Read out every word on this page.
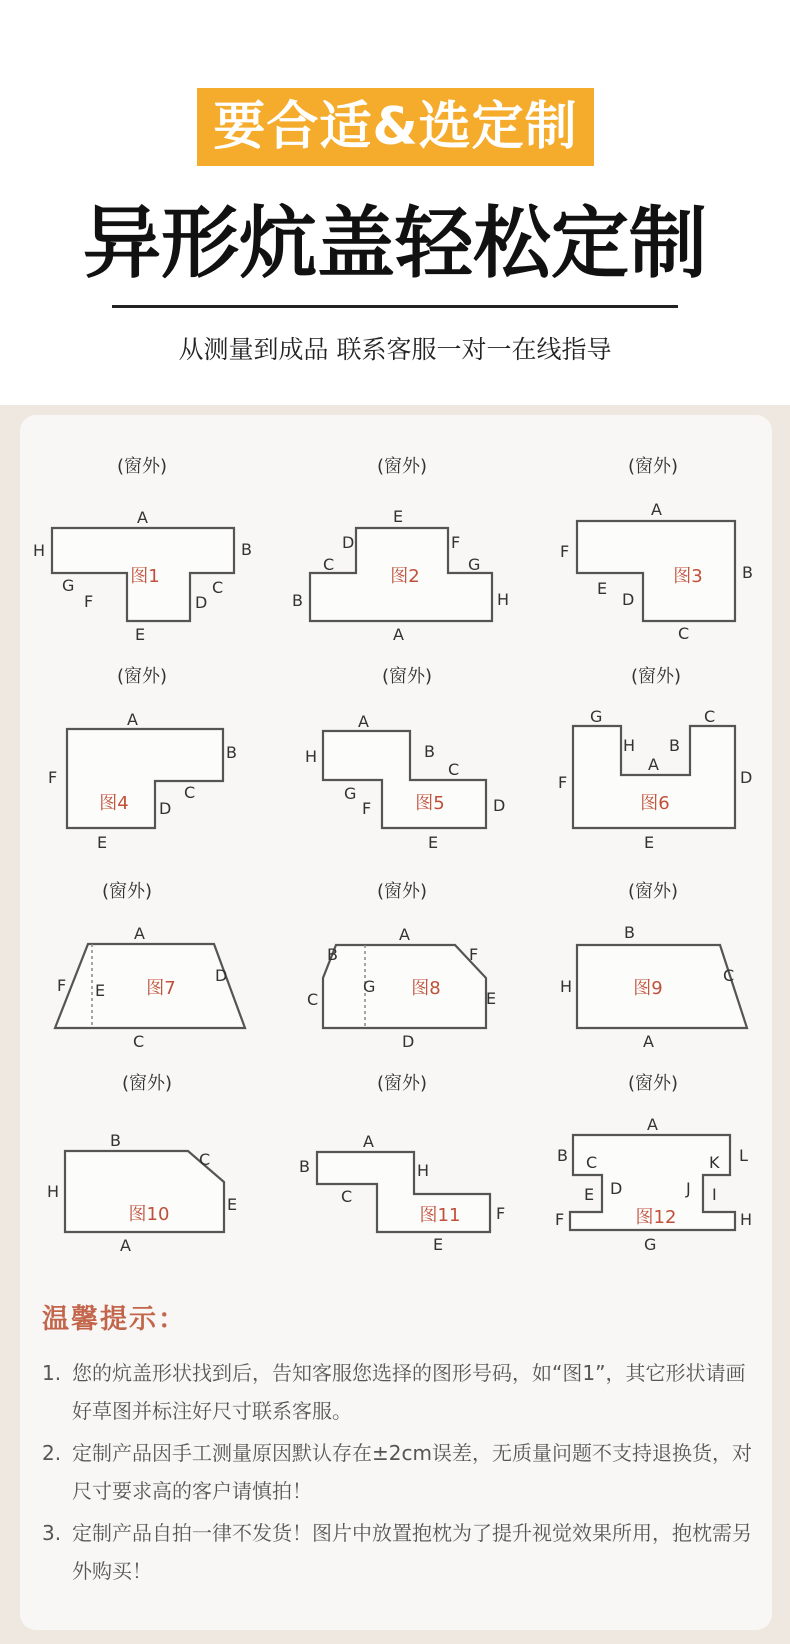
要合适&选定制
异形炕盖轻松定制
从测量到成品 联系客服一对一在线指导
(窗外)
A
B
C
D
E
F
G
H
图1
(窗外)
E
D	F
C	G
B	H
A
图2
(窗外)
A
F
B
E
D
C
图3
(窗外)
A
B
F
C
D
E
图4
(窗外)
A
H	B
C
G
F	D
E
图5
(窗外)
G	C
H B
A
F	D
E
图6
(窗外)
A
F E
D
C
图7
(窗外)
A
B	F
C
G
E
D
图8
(窗外)
B
H
C
A
图9
(窗外)
B
C
H
E
A
图10
(窗外)
A
B	H
C
F
E
图11
(窗外)
A
B C	K L
E D	J I
F	H
G
图12
温馨提示：
1. 您的炕盖形状找到后，告知客服您选择的图形号码，如“图1”，其它形状请画好草图并标注好尺寸联系客服。
2. 定制产品因手工测量原因默认存在±2cm误差，无质量问题不支持退换货，对尺寸要求高的客户请慎拍！
3. 定制产品自拍一律不发货！图片中放置抱枕为了提升视觉效果所用，抱枕需另外购买！
